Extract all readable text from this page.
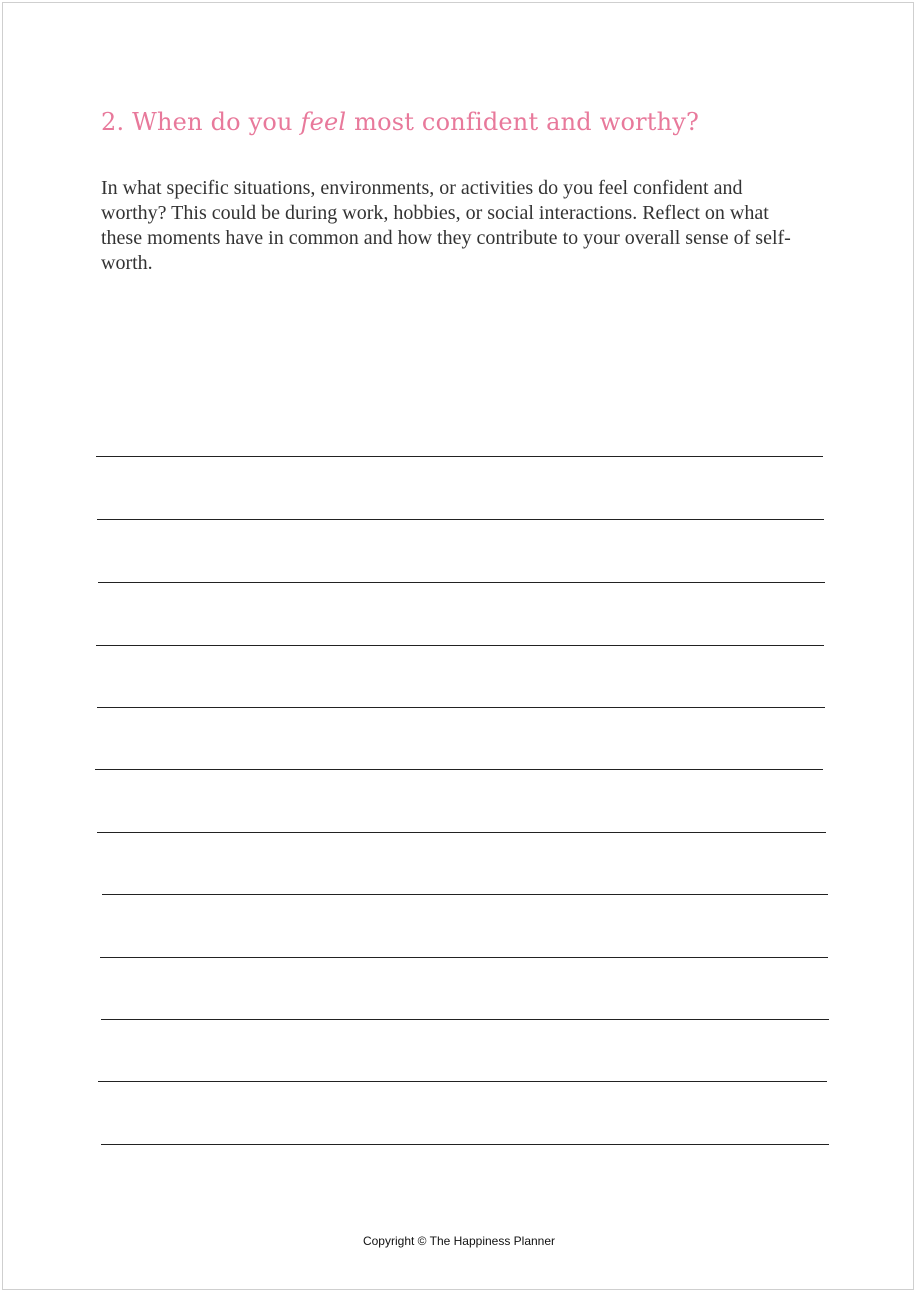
2. When do you feel most confident and worthy?

In what specific situations, environments, or activities do you feel confident and worthy? This could be during work, hobbies, or social interactions. Reflect on what these moments have in common and how they contribute to your overall sense of self-worth.

Copyright © The Happiness Planner
